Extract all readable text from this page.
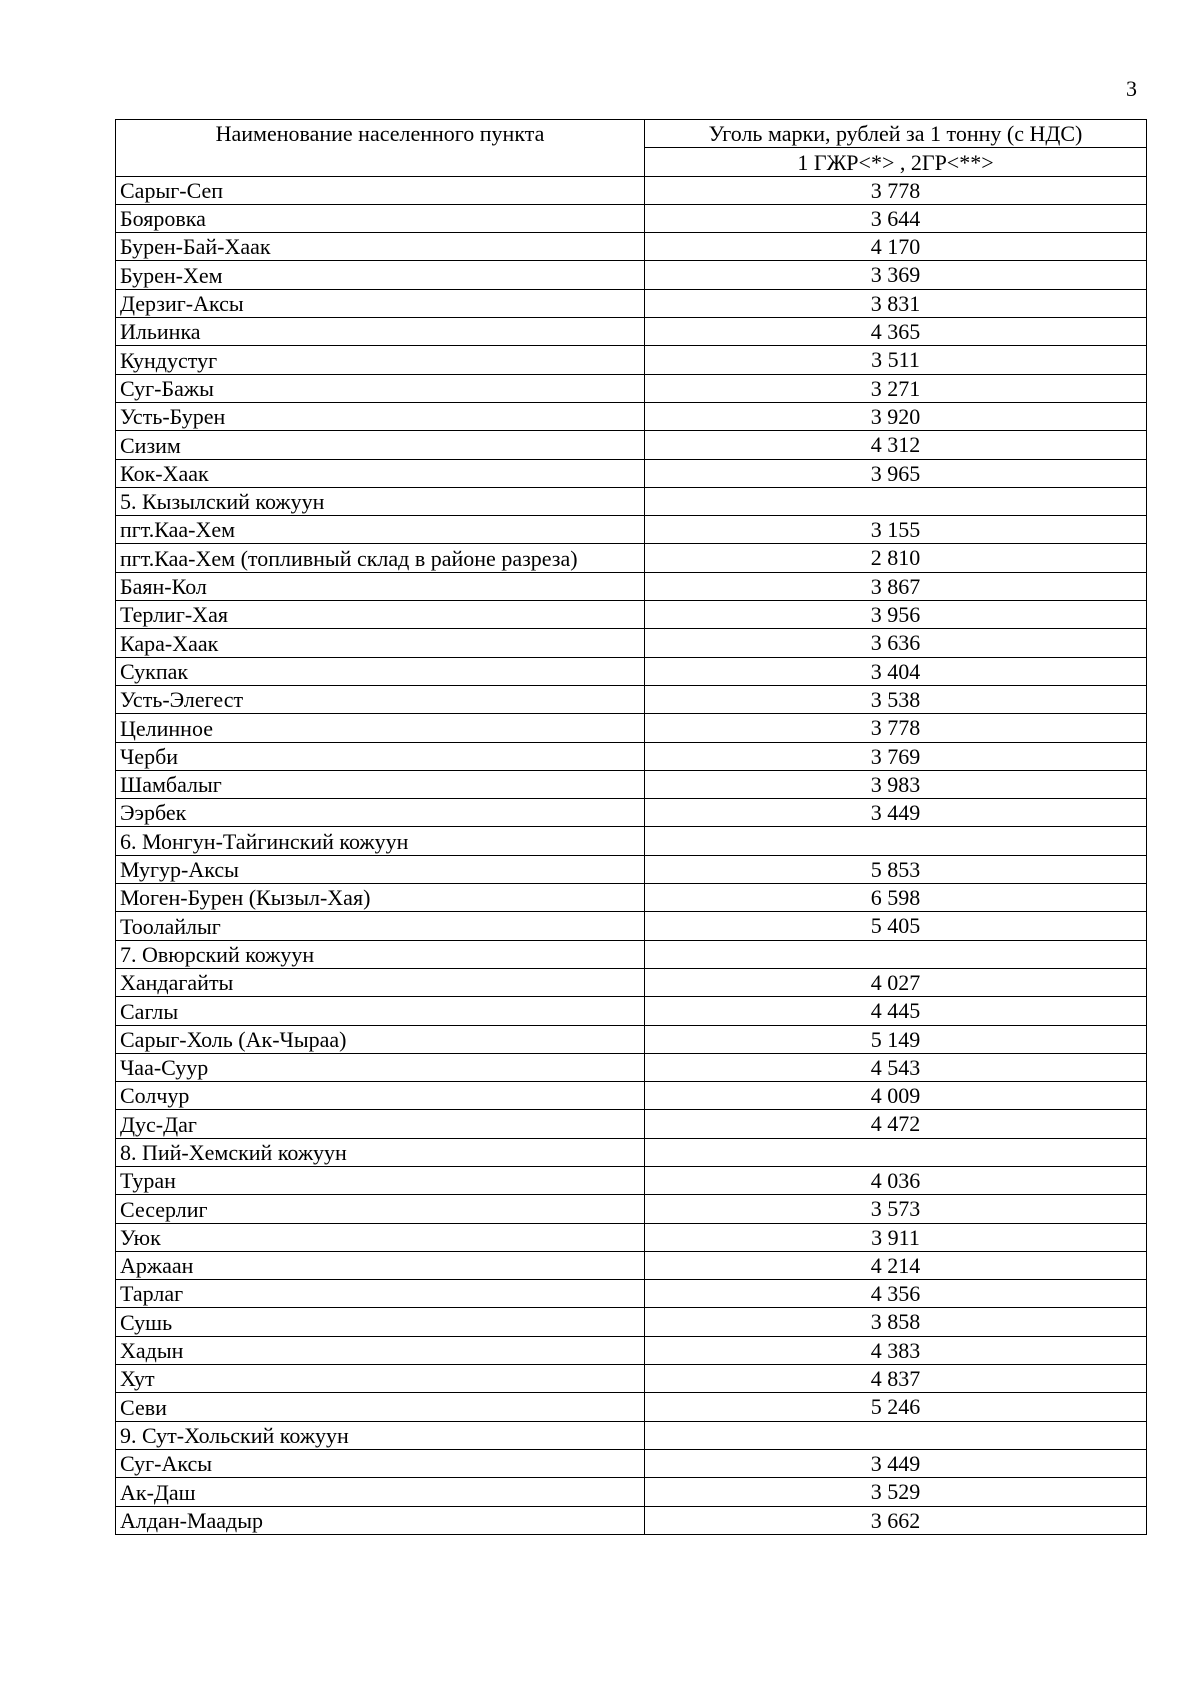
3
Наименование населенного пункта	Уголь марки, рублей за 1 тонну (с НДС)
	1 ГЖР<*> , 2ГР<**>
Сарыг-Сеп	3 778
Бояровка	3 644
Бурен-Бай-Хаак	4 170
Бурен-Хем	3 369
Дерзиг-Аксы	3 831
Ильинка	4 365
Кундустуг	3 511
Суг-Бажы	3 271
Усть-Бурен	3 920
Сизим	4 312
Кок-Хаак	3 965
5. Кызылский кожуун	
пгт.Каа-Хем	3 155
пгт.Каа-Хем (топливный склад в районе разреза)	2 810
Баян-Кол	3 867
Терлиг-Хая	3 956
Кара-Хаак	3 636
Сукпак	3 404
Усть-Элегест	3 538
Целинное	3 778
Черби	3 769
Шамбалыг	3 983
Ээрбек	3 449
6. Монгун-Тайгинский кожуун	
Мугур-Аксы	5 853
Моген-Бурен (Кызыл-Хая)	6 598
Тоолайлыг	5 405
7. Овюрский кожуун	
Хандагайты	4 027
Саглы	4 445
Сарыг-Холь (Ак-Чыраа)	5 149
Чаа-Суур	4 543
Солчур	4 009
Дус-Даг	4 472
8. Пий-Хемский кожуун	
Туран	4 036
Сесерлиг	3 573
Уюк	3 911
Аржаан	4 214
Тарлаг	4 356
Сушь	3 858
Хадын	4 383
Хут	4 837
Севи	5 246
9. Сут-Хольский кожуун	
Суг-Аксы	3 449
Ак-Даш	3 529
Алдан-Маадыр	3 662
